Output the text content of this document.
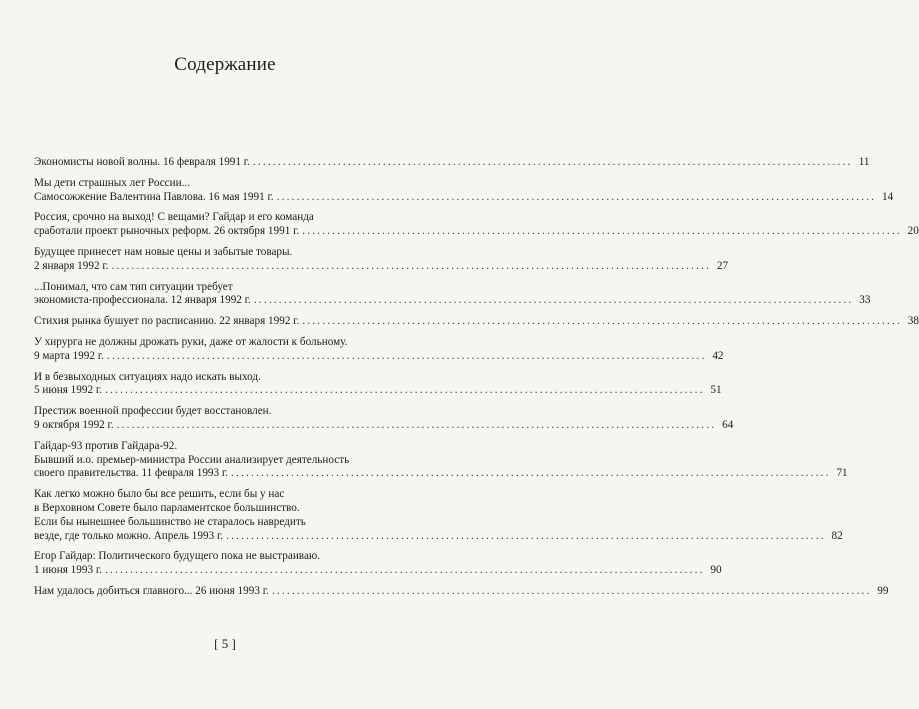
Содержание
Экономисты новой волны. 16 февраля 1991 г. ........................................................................................................................ 11
Мы дети страшных лет России...
Самосожжение Валентина Павлова. 16 мая 1991 г. ........................................................................................................................ 14
Россия, срочно на выход! С вещами? Гайдар и его команда
сработали проект рыночных реформ. 26 октября 1991 г. ........................................................................................................................ 20
Будущее принесет нам новые цены и забытые товары.
2 января 1992 г. ........................................................................................................................ 27
...Понимал, что сам тип ситуации требует
экономиста-профессионала. 12 января 1992 г. ........................................................................................................................ 33
Стихия рынка бушует по расписанию. 22 января 1992 г. ........................................................................................................................ 38
У хирурга не должны дрожать руки, даже от жалости к больному.
9 марта 1992 г. ........................................................................................................................ 42
И в безвыходных ситуациях надо искать выход.
5 июня 1992 г. ........................................................................................................................ 51
Престиж военной профессии будет восстановлен.
9 октября 1992 г. ........................................................................................................................ 64
Гайдар-93 против Гайдара-92.
Бывший и.о. премьер-министра России анализирует деятельность
своего правительства. 11 февраля 1993 г. ........................................................................................................................ 71
Как легко можно было бы все решить, если бы у нас
в Верховном Совете было парламентское большинство.
Если бы нынешнее большинство не старалось навредить
везде, где только можно. Апрель 1993 г. ........................................................................................................................ 82
Егор Гайдар: Политического будущего пока не выстраиваю.
1 июня 1993 г. ........................................................................................................................ 90
Нам удалось добиться главного... 26 июня 1993 г. ........................................................................................................................ 99
[ 5 ]
